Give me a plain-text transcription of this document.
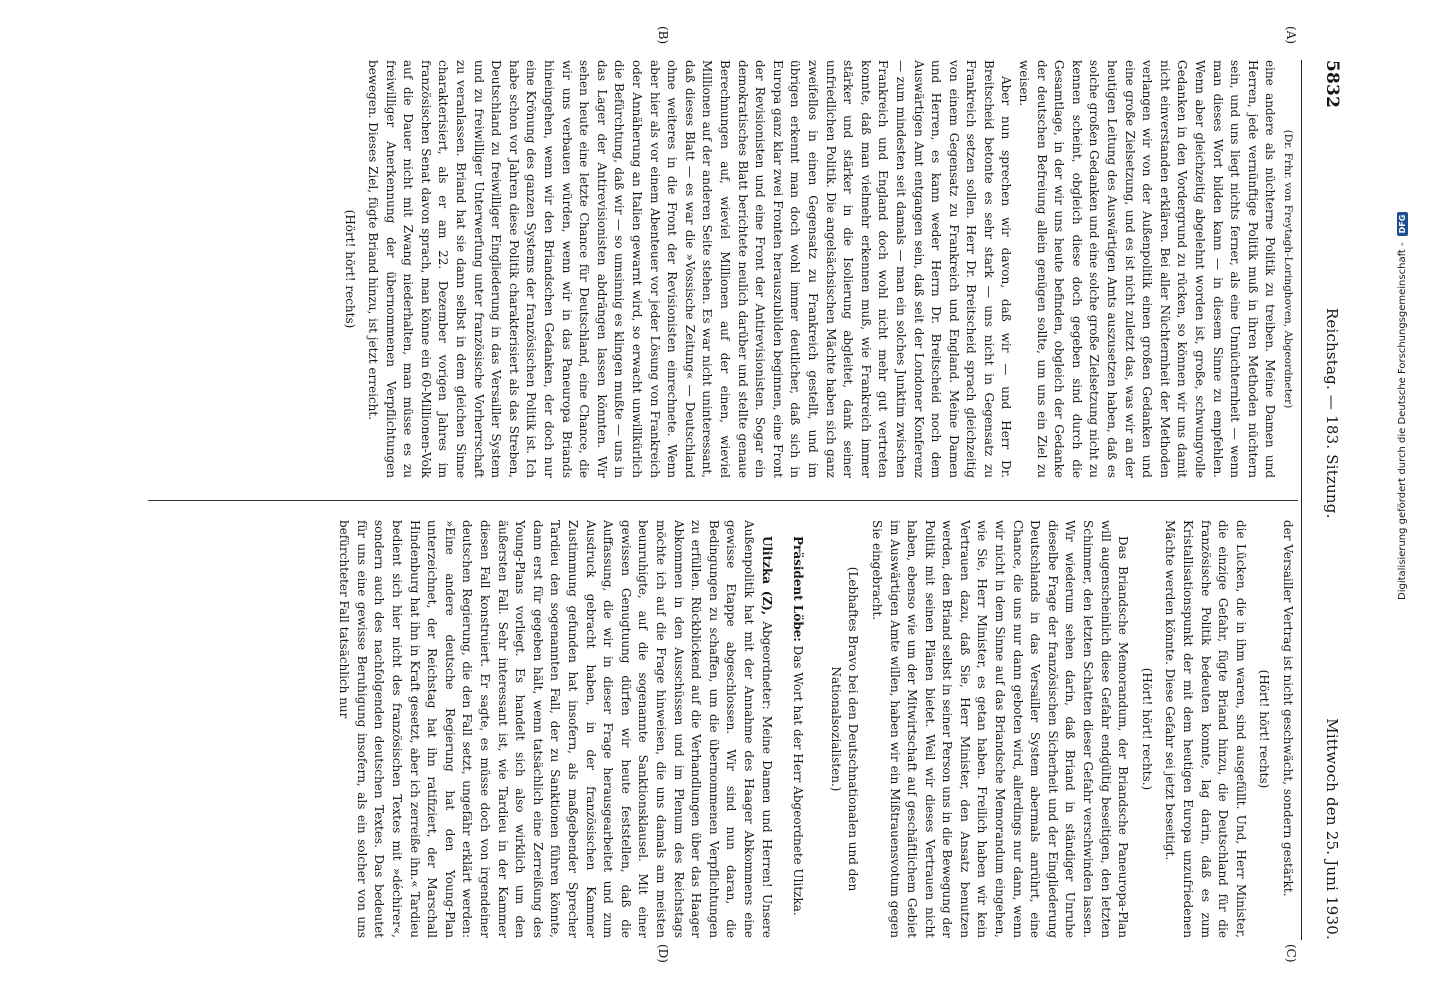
5832
Reichstag. — 183. Sitzung.
Mittwoch den 25. Juni 1930.
(A)
(B)
(C)
(D)

(Dr. Frhr. von Freytagh-Loringhoven, Abgeordneter)

eine andere als nüchterne Politik zu treiben. Meine Damen und Herren, jede vernünftige Politik muß in ihren Methoden nüchtern sein, und uns liegt nichts ferner, als eine Unnüchternheit — wenn man dieses Wort bilden kann — in diesem Sinne zu empfehlen. Wenn aber gleichzeitig abgelehnt worden ist, große, schwungvolle Gedanken in den Vordergrund zu rücken, so können wir uns damit nicht einverstanden erklären. Bei aller Nüchternheit der Methoden verlangen wir von der Außenpolitik einen großen Gedanken und eine große Zielsetzung, und es ist nicht zuletzt das, was wir an der heutigen Leitung des Auswärtigen Amts auszusetzen haben, daß es solche großen Gedanken und eine solche große Zielsetzung nicht zu kennen scheint, obgleich diese doch gegeben sind durch die Gesamtlage, in der wir uns heute befinden, obgleich der Gedanke der deutschen Befreiung allein genügen sollte, um uns ein Ziel zu weisen.

Aber nun sprechen wir davon, daß wir — und Herr Dr. Breitscheid betonte es sehr stark — uns nicht in Gegensatz zu Frankreich setzen sollen. Herr Dr. Breitscheid sprach gleichzeitig von einem Gegensatz zu Frankreich und England. Meine Damen und Herren, es kann weder Herrn Dr. Breitscheid noch dem Auswärtigen Amt entgangen sein, daß seit der Londoner Konferenz — zum mindesten seit damals — man ein solches Junktim zwischen Frankreich und England doch wohl nicht mehr gut vertreten konnte, daß man vielmehr erkennen muß, wie Frankreich immer stärker und stärker in die Isolierung abgleitet, dank seiner unfriedlichen Politik. Die angelsächsischen Mächte haben sich ganz zweifellos in einen Gegensatz zu Frankreich gestellt, und im übrigen erkennt man doch wohl immer deutlicher, daß sich in Europa ganz klar zwei Fronten herauszubilden beginnen, eine Front der Revisionisten und eine Front der Antirevisionisten. Sogar ein demokratisches Blatt berichtete neulich darüber und stellte genaue Berechnungen auf, wieviel Millionen auf der einen, wieviel Millionen auf der anderen Seite stehen. Es war nicht uninteressant, daß dieses Blatt — es war die »Vossische Zeitung« — Deutschland ohne weiteres in die Front der Revisionisten einrechnete. Wenn aber hier als vor einem Abenteuer vor jeder Lösung von Frankreich oder Annäherung an Italien gewarnt wird, so erwacht unwillkürlich die Befürchtung, daß wir — so umsinnig es klingen mußte — uns in das Lager der Antirevisionisten abdrängen lassen könnten. Wir sehen heute eine letzte Chance für Deutschland, eine Chance, die wir uns verbauen würden, wenn wir in das Paneuropa Briands hineingehen, wenn wir den Briandschen Gedanken, der doch nur eine Krönung des ganzen Systems der französischen Politik ist. Ich habe schon vor Jahren diese Politik charakterisiert als das Streben, Deutschland zu freiwilliger Eingliederung in das Versailler System und zu freiwilliger Unterwerfung unter französische Vorherrschaft zu veranlassen. Briand hat sie dann selbst in dem gleichen Sinne charakterisiert, als er am 22. Dezember vorigen Jahres im französischen Senat davon sprach, man könne ein 60-Millionen-Volk auf die Dauer nicht mit Zwang niederhalten, man müsse es zu freiwilliger Anerkennung der übernommenen Verpflichtungen bewegen. Dieses Ziel, fügte Briand hinzu, ist jetzt erreicht.

(Hört! hört! rechts)

der Versailler Vertrag ist nicht geschwächt, sondern gestärkt.

(Hört! hört! rechts)

die Lücken, die in ihm waren, sind ausgefüllt. Und, Herr Minister, die einzige Gefahr, fügte Briand hinzu, die Deutschland für die französische Politik bedeuten konnte, lag darin, daß es zum Kristallisationspunkt der mit dem heutigen Europa unzufriedenen Mächte werden könnte. Diese Gefahr sei jetzt beseitigt.

(Hört! hört! rechts.)

Das Briandsche Memorandum, der Briandsche Paneuropa-Plan will augenscheinlich diese Gefahr endgültig beseitigen, den letzten Schimmer, den letzten Schatten dieser Gefahr verschwinden lassen. Wir wiederum sehen darin, daß Briand in ständiger Unruhe dieselbe Frage der französischen Sicherheit und der Eingliederung Deutschlands in das Versailler System abermals anrührt, eine Chance, die uns nur dann geboten wird, allerdings nur dann, wenn wir nicht in dem Sinne auf das Briandsche Memorandum eingehen, wie Sie, Herr Minister, es getan haben. Freilich haben wir kein Vertrauen dazu, daß Sie, Herr Minister, den Ansatz benutzen werden, den Briand selbst in seiner Person uns in die Bewegung der Politik mit seinen Plänen bietet. Weil wir dieses Vertrauen nicht haben, ebenso wie um der Mitwirtschaft auf geschäftlichem Gebiet im Auswärtigen Amte willen, haben wir ein Mißtrauensvotum gegen Sie eingebracht.

(Lebhaftes Bravo bei den Deutschnationalen und den Nationalsozialisten.)

Präsident Löbe: Das Wort hat der Herr Abgeordnete Ulitzka.

Ulitzka (Z), Abgeordneter: Meine Damen und Herren! Unsere Außenpolitik hat mit der Annahme des Haager Abkommens eine gewisse Etappe abgeschlossen. Wir sind nun daran, die Bedingungen zu schaffen, um die übernommenen Verpflichtungen zu erfüllen. Rückblickend auf die Verhandlungen über das Haager Abkommen in den Ausschüssen und im Plenum des Reichstags möchte ich auf die Frage hinweisen, die uns damals am meisten beunruhigte, auf die sogenannte Sanktionsklausel. Mit einer gewissen Genugtuung dürfen wir heute feststellen, daß die Auffassung, die wir in dieser Frage herausgearbeitet und zum Ausdruck gebracht haben, in der französischen Kammer Zustimmung gefunden hat insofern, als maßgebender Sprecher Tardieu den sogenannten Fall, der zu Sanktionen führen könnte, dann erst für gegeben hält, wenn tatsächlich eine Zerreißung des Young-Plans vorliegt. Es handelt sich also wirklich um den äußersten Fall. Sehr interessant ist, wie Tardieu in der Kammer diesen Fall konstruiert. Er sagte, es müsse doch von irgendeiner deutschen Regierung, die den Fall setzt, ungefähr erklärt werden: »Eine andere deutsche Regierung hat den Young-Plan unterzeichnet, der Reichstag hat ihn ratifiziert, der Marschall Hindenburg hat ihn in Kraft gesetzt, aber ich zerreiße ihn.« Tardieu bedient sich hier nicht des französischen Textes mit »déchirer«, sondern auch des nachfolgenden deutschen Textes. Das bedeutet für uns eine gewisse Beruhigung insofern, als ein solcher von uns befürchteter Fall tatsächlich nur

Digitalisierung gefördert durch die Deutsche Forschungsgemeinschaft -
DFG
